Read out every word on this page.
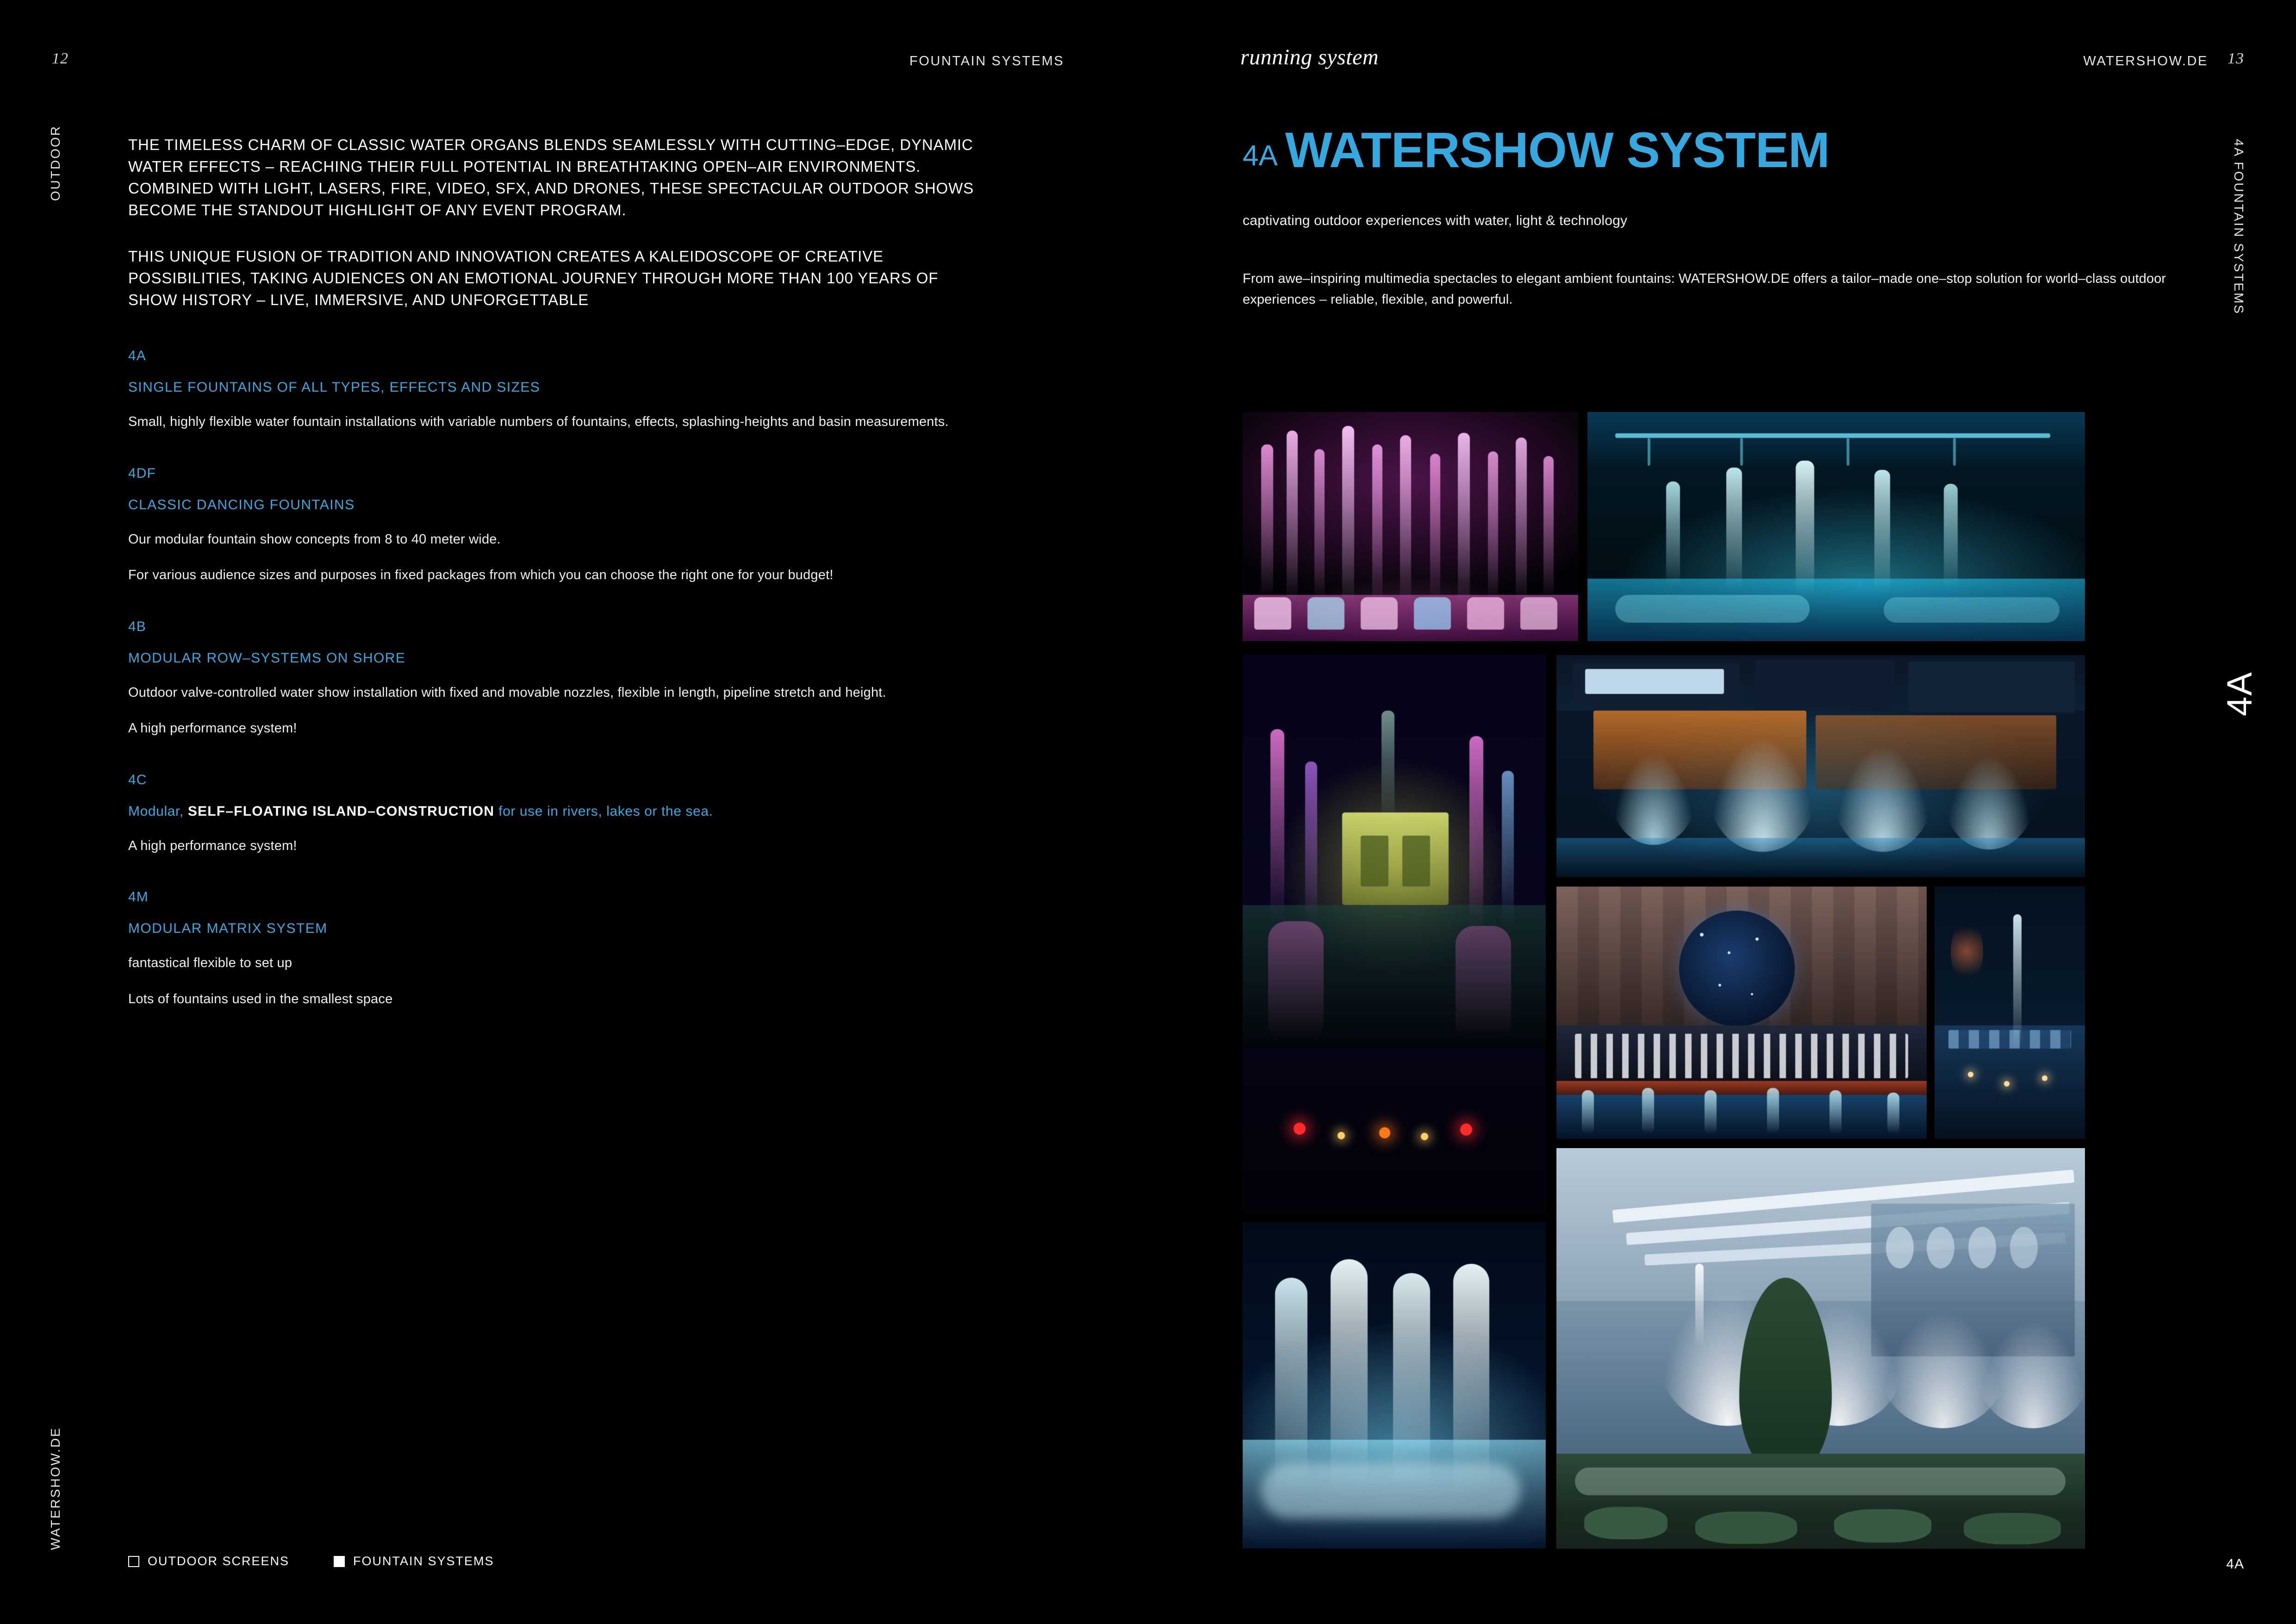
12	13
FOUNTAIN SYSTEMS	running system	WATERSHOW.DE
OUTDOOR
WATERSHOW.DE
4A FOUNTAIN SYSTEMS
4A
4A

THE TIMELESS CHARM OF CLASSIC WATER ORGANS BLENDS SEAMLESSLY WITH CUTTING–EDGE, DYNAMIC WATER EFFECTS – REACHING THEIR FULL POTENTIAL IN BREATHTAKING OPEN–AIR ENVIRONMENTS. COMBINED WITH LIGHT, LASERS, FIRE, VIDEO, SFX, AND DRONES, THESE SPECTACULAR OUTDOOR SHOWS BECOME THE STANDOUT HIGHLIGHT OF ANY EVENT PROGRAM.

THIS UNIQUE FUSION OF TRADITION AND INNOVATION CREATES A KALEIDOSCOPE OF CREATIVE POSSIBILITIES, TAKING AUDIENCES ON AN EMOTIONAL JOURNEY THROUGH MORE THAN 100 YEARS OF SHOW HISTORY – LIVE, IMMERSIVE, AND UNFORGETTABLE

4A
SINGLE FOUNTAINS OF ALL TYPES, EFFECTS AND SIZES

Small, highly flexible water fountain installations with variable numbers of fountains, effects, splashing-heights and basin measurements.

4DF
CLASSIC DANCING FOUNTAINS

Our modular fountain show concepts from 8 to 40 meter wide.

For various audience sizes and purposes in fixed packages from which you can choose the right one for your budget!

4B
MODULAR ROW–SYSTEMS ON SHORE

Outdoor valve-controlled water show installation with fixed and movable nozzles, flexible in length, pipeline stretch and height.

A high performance system!

4C
Modular, SELF–FLOATING ISLAND–CONSTRUCTION for use in rivers, lakes or the sea.

A high performance system!

4M
MODULAR MATRIX SYSTEM

fantastical flexible to set up

Lots of fountains used in the smallest space

OUTDOOR SCREENS	FOUNTAIN SYSTEMS
4A WATERSHOW SYSTEM
captivating outdoor experiences with water, light & technology
From awe–inspiring multimedia spectacles to elegant ambient fountains: WATERSHOW.DE offers a tailor–made one–stop solution for world–class outdoor experiences – reliable, flexible, and powerful.
